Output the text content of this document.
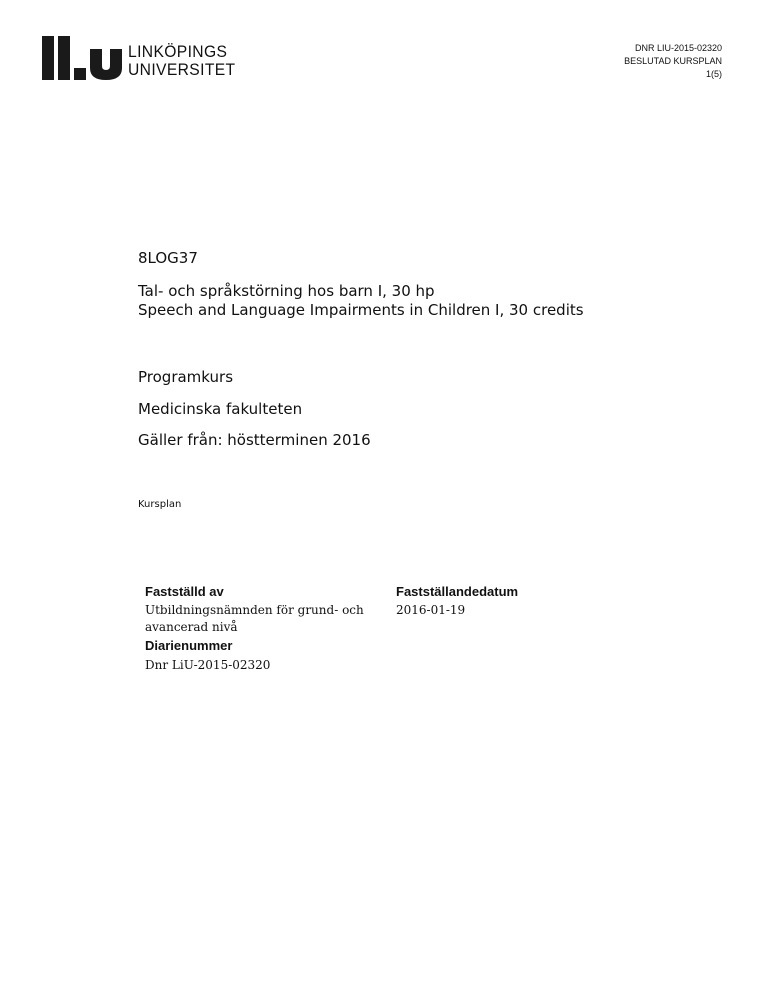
LINKÖPINGS
UNIVERSITET
DNR LIU-2015-02320
BESLUTAD KURSPLAN
1(5)
8LOG37
Tal- och språkstörning hos barn I, 30 hp
Speech and Language Impairments in Children I, 30 credits
Programkurs
Medicinska fakulteten
Gäller från: höstterminen 2016
Kursplan
Fastställd av
Utbildningsnämnden för grund- och
avancerad nivå
Fastställandedatum
2016-01-19
Diarienummer
Dnr LiU-2015-02320
